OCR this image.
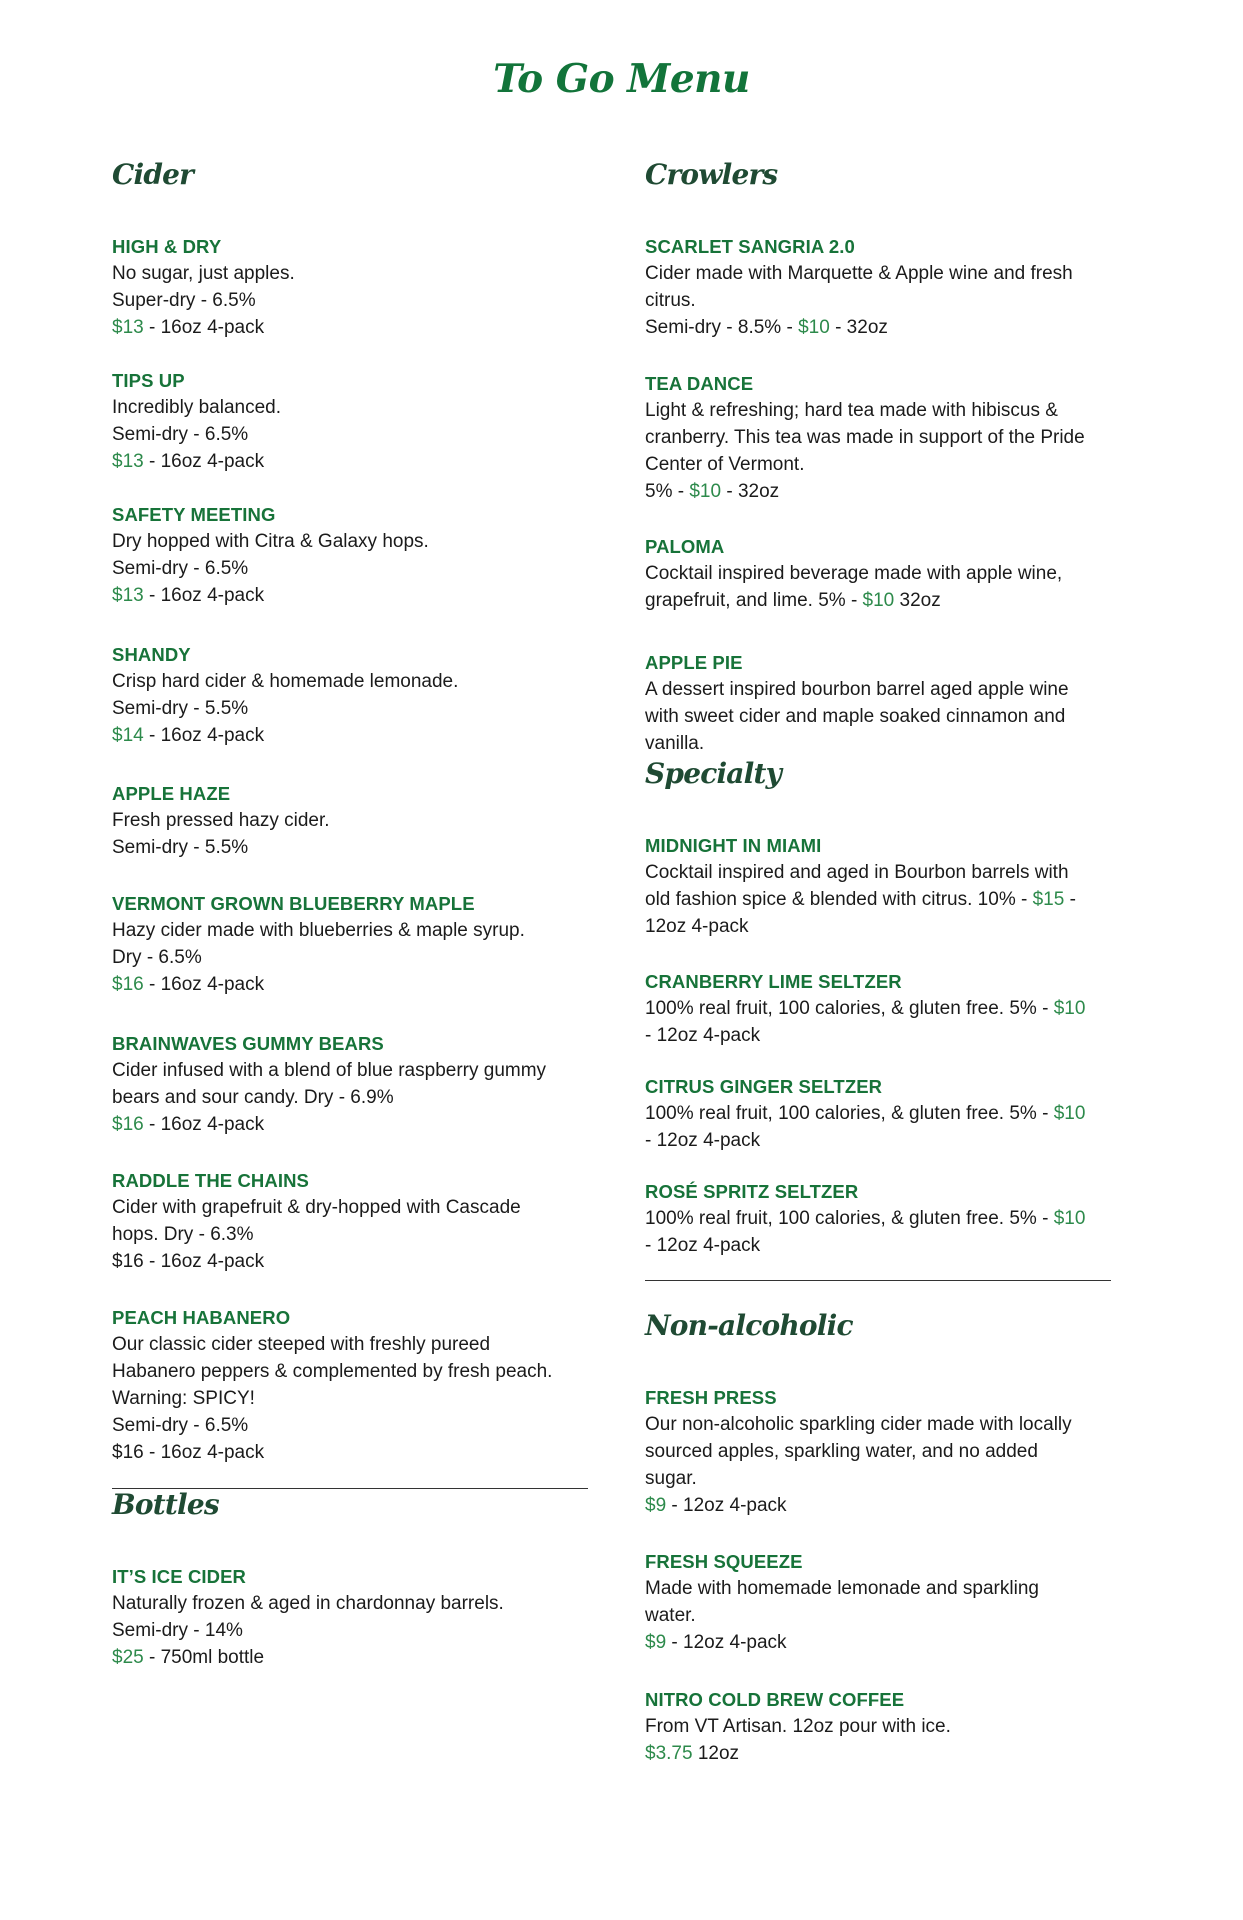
To Go Menu
Cider
HIGH & DRY
No sugar, just apples.
Super-dry - 6.5%
$13 - 16oz 4-pack
TIPS UP
Incredibly balanced.
Semi-dry - 6.5%
$13 - 16oz 4-pack
SAFETY MEETING
Dry hopped with Citra & Galaxy hops.
Semi-dry - 6.5%
$13 - 16oz 4-pack
SHANDY
Crisp hard cider & homemade lemonade.
Semi-dry - 5.5%
$14 - 16oz 4-pack
APPLE HAZE
Fresh pressed hazy cider.
Semi-dry - 5.5%
VERMONT GROWN BLUEBERRY MAPLE
Hazy cider made with blueberries & maple syrup.
Dry - 6.5%
$16 - 16oz 4-pack
BRAINWAVES GUMMY BEARS
Cider infused with a blend of blue raspberry gummy
bears and sour candy. Dry - 6.9%
$16 - 16oz 4-pack
RADDLE THE CHAINS
Cider with grapefruit & dry-hopped with Cascade
hops. Dry - 6.3%
$16 - 16oz 4-pack
PEACH HABANERO
Our classic cider steeped with freshly pureed
Habanero peppers & complemented by fresh peach.
Warning: SPICY!
Semi-dry - 6.5%
$16 - 16oz 4-pack
Bottles
IT’S ICE CIDER
Naturally frozen & aged in chardonnay barrels.
Semi-dry - 14%
$25 - 750ml bottle
Crowlers
SCARLET SANGRIA 2.0
Cider made with Marquette & Apple wine and fresh
citrus.
Semi-dry - 8.5% - $10 - 32oz
TEA DANCE
Light & refreshing; hard tea made with hibiscus &
cranberry. This tea was made in support of the Pride
Center of Vermont.
5% - $10 - 32oz
PALOMA
Cocktail inspired beverage made with apple wine,
grapefruit, and lime. 5% - $10 32oz
APPLE PIE
A dessert inspired bourbon barrel aged apple wine
with sweet cider and maple soaked cinnamon and
vanilla.
Specialty
MIDNIGHT IN MIAMI
Cocktail inspired and aged in Bourbon barrels with
old fashion spice & blended with citrus. 10% - $15 -
12oz 4-pack
CRANBERRY LIME SELTZER
100% real fruit, 100 calories, & gluten free. 5% - $10
- 12oz 4-pack
CITRUS GINGER SELTZER
100% real fruit, 100 calories, & gluten free. 5% - $10
- 12oz 4-pack
ROSÉ SPRITZ SELTZER
100% real fruit, 100 calories, & gluten free. 5% - $10
- 12oz 4-pack
Non-alcoholic
FRESH PRESS
Our non-alcoholic sparkling cider made with locally
sourced apples, sparkling water, and no added
sugar.
$9 - 12oz 4-pack
FRESH SQUEEZE
Made with homemade lemonade and sparkling
water.
$9 - 12oz 4-pack
NITRO COLD BREW COFFEE
From VT Artisan. 12oz pour with ice.
$3.75 12oz
